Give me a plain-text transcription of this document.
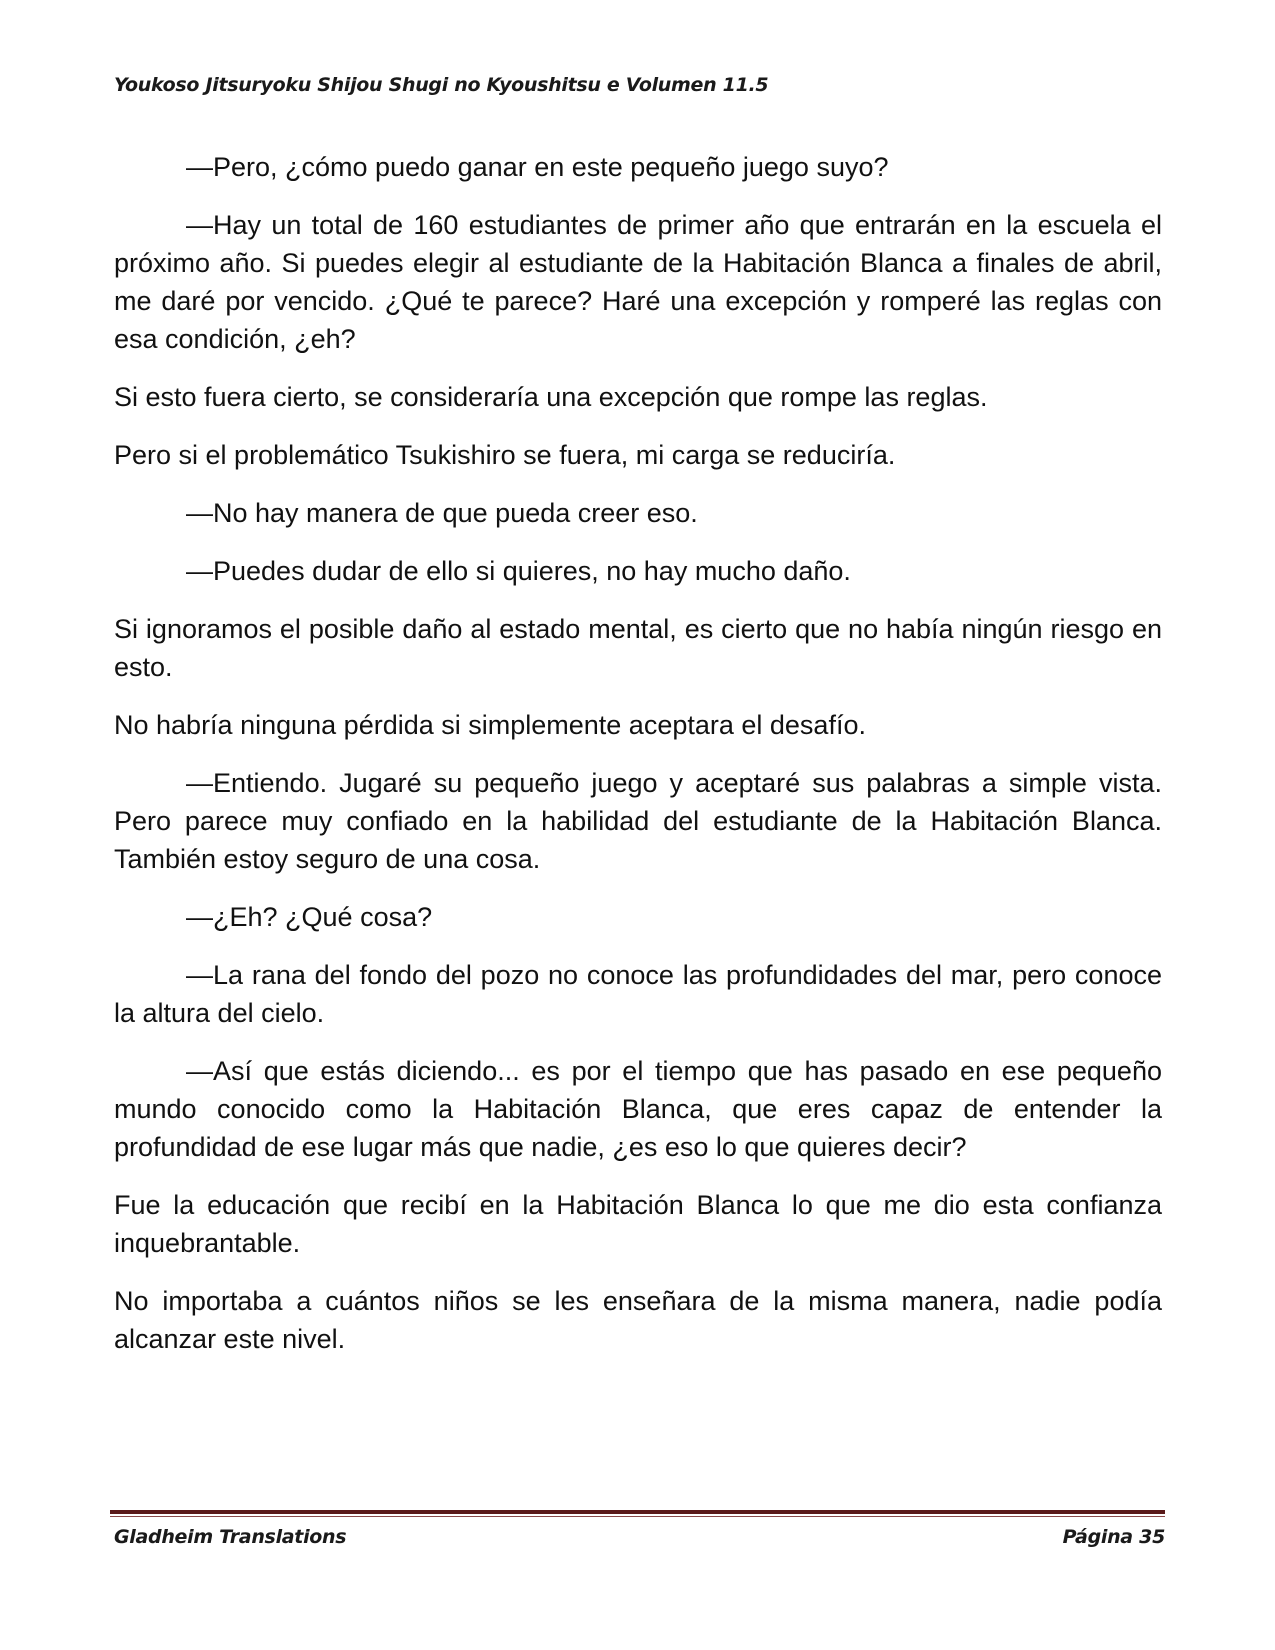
Youkoso Jitsuryoku Shijou Shugi no Kyoushitsu e Volumen 11.5

—Pero, ¿cómo puedo ganar en este pequeño juego suyo?

—Hay un total de 160 estudiantes de primer año que entrarán en la escuela el próximo año. Si puedes elegir al estudiante de la Habitación Blanca a finales de abril, me daré por vencido. ¿Qué te parece? Haré una excepción y romperé las reglas con esa condición, ¿eh?

Si esto fuera cierto, se consideraría una excepción que rompe las reglas.

Pero si el problemático Tsukishiro se fuera, mi carga se reduciría.

—No hay manera de que pueda creer eso.

—Puedes dudar de ello si quieres, no hay mucho daño.

Si ignoramos el posible daño al estado mental, es cierto que no había ningún riesgo en esto.

No habría ninguna pérdida si simplemente aceptara el desafío.

—Entiendo. Jugaré su pequeño juego y aceptaré sus palabras a simple vista. Pero parece muy confiado en la habilidad del estudiante de la Habitación Blanca. También estoy seguro de una cosa.

—¿Eh? ¿Qué cosa?

—La rana del fondo del pozo no conoce las profundidades del mar, pero conoce la altura del cielo.

—Así que estás diciendo... es por el tiempo que has pasado en ese pequeño mundo conocido como la Habitación Blanca, que eres capaz de entender la profundidad de ese lugar más que nadie, ¿es eso lo que quieres decir?

Fue la educación que recibí en la Habitación Blanca lo que me dio esta confianza inquebrantable.

No importaba a cuántos niños se les enseñara de la misma manera, nadie podía alcanzar este nivel.

Gladheim Translations	Página 35
